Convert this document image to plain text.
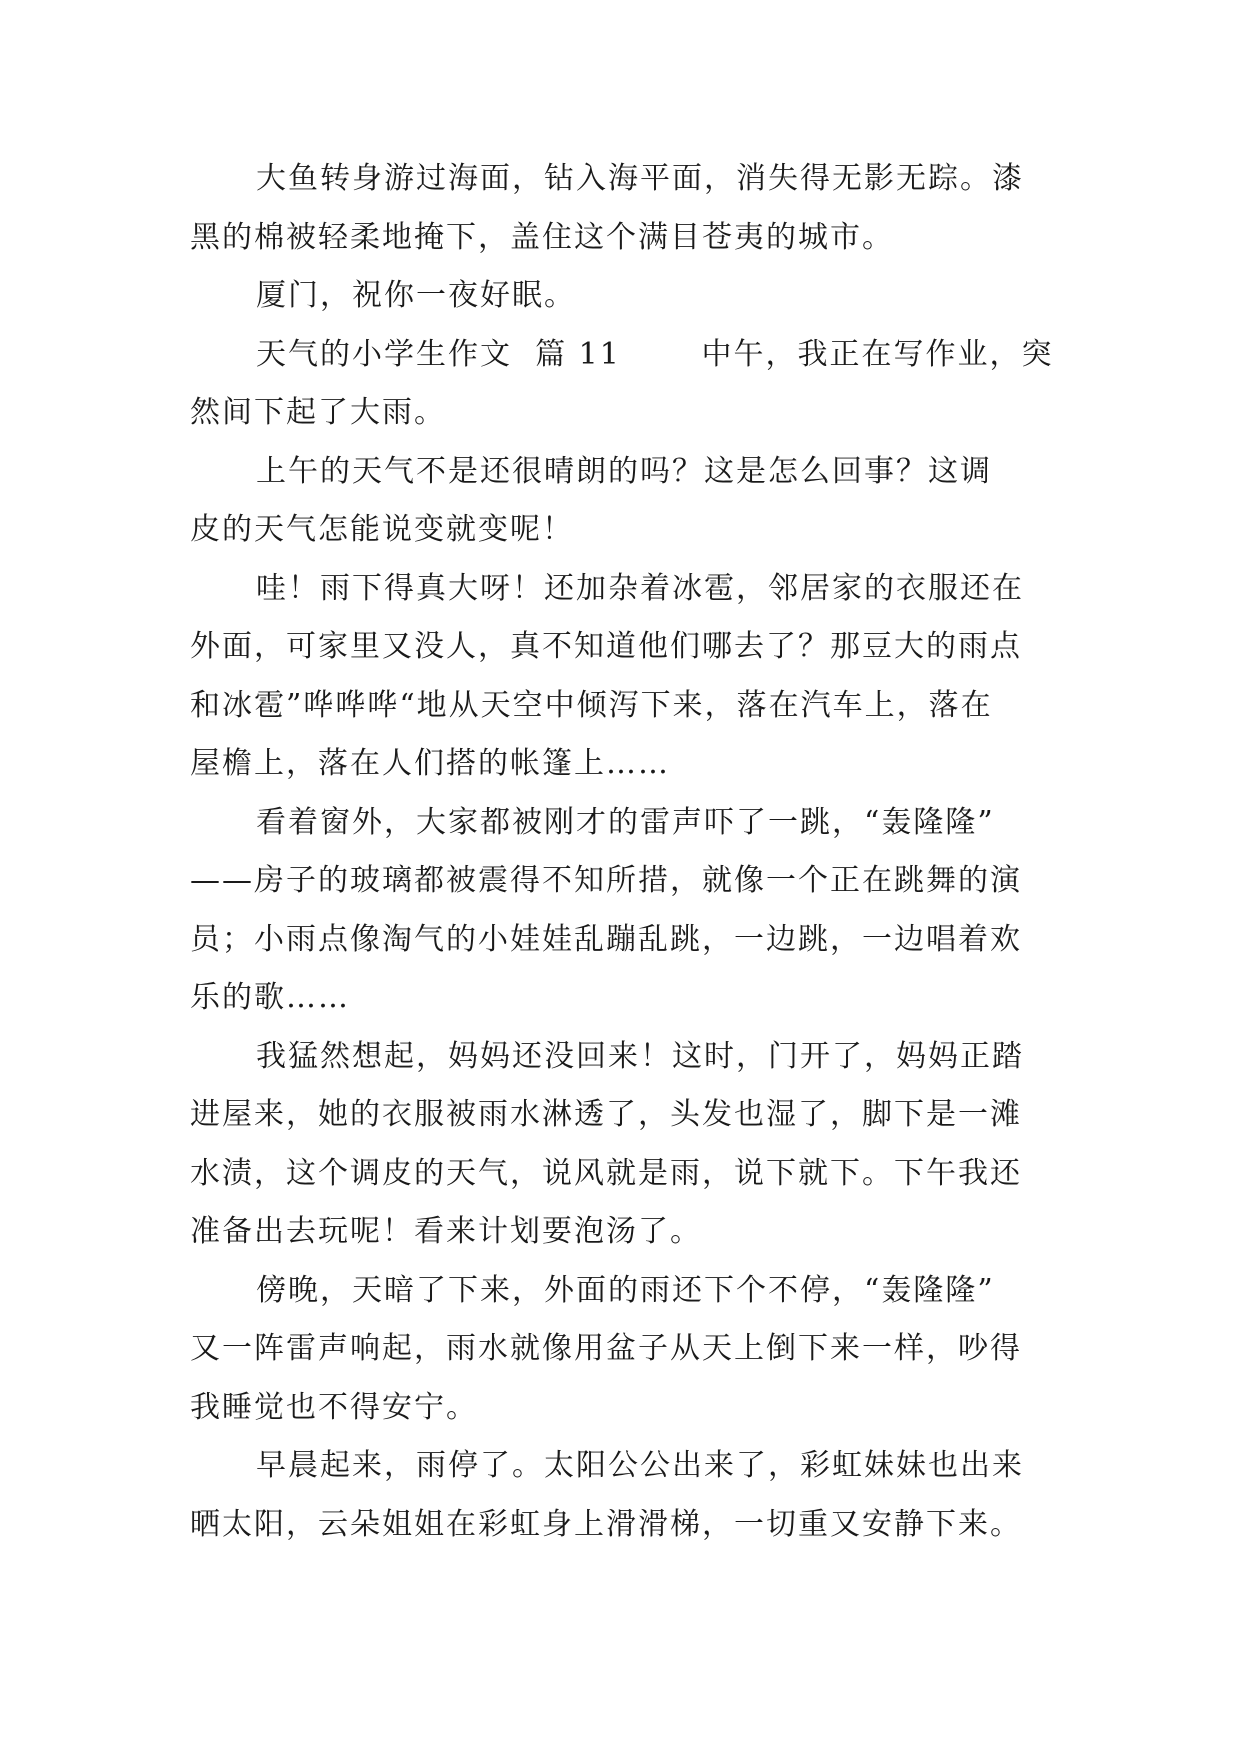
大鱼转身游过海面，钻入海平面，消失得无影无踪。漆
黑的棉被轻柔地掩下，盖住这个满目苍夷的城市。

厦门，祝你一夜好眠。

天气的小学生作文  篇 11       中午，我正在写作业，突
然间下起了大雨。

上午的天气不是还很晴朗的吗？这是怎么回事？这调
皮的天气怎能说变就变呢！

哇！雨下得真大呀！还加杂着冰雹，邻居家的衣服还在
外面，可家里又没人，真不知道他们哪去了？那豆大的雨点
和冰雹”哗哗哗“地从天空中倾泻下来，落在汽车上，落在
屋檐上，落在人们搭的帐篷上……

看着窗外，大家都被刚才的雷声吓了一跳，“轰隆隆”
——房子的玻璃都被震得不知所措，就像一个正在跳舞的演
员；小雨点像淘气的小娃娃乱蹦乱跳，一边跳，一边唱着欢
乐的歌……

我猛然想起，妈妈还没回来！这时，门开了，妈妈正踏
进屋来，她的衣服被雨水淋透了，头发也湿了，脚下是一滩
水渍，这个调皮的天气，说风就是雨，说下就下。下午我还
准备出去玩呢！看来计划要泡汤了。

傍晚，天暗了下来，外面的雨还下个不停，“轰隆隆”
又一阵雷声响起，雨水就像用盆子从天上倒下来一样，吵得
我睡觉也不得安宁。

早晨起来，雨停了。太阳公公出来了，彩虹妹妹也出来
晒太阳，云朵姐姐在彩虹身上滑滑梯，一切重又安静下来。
